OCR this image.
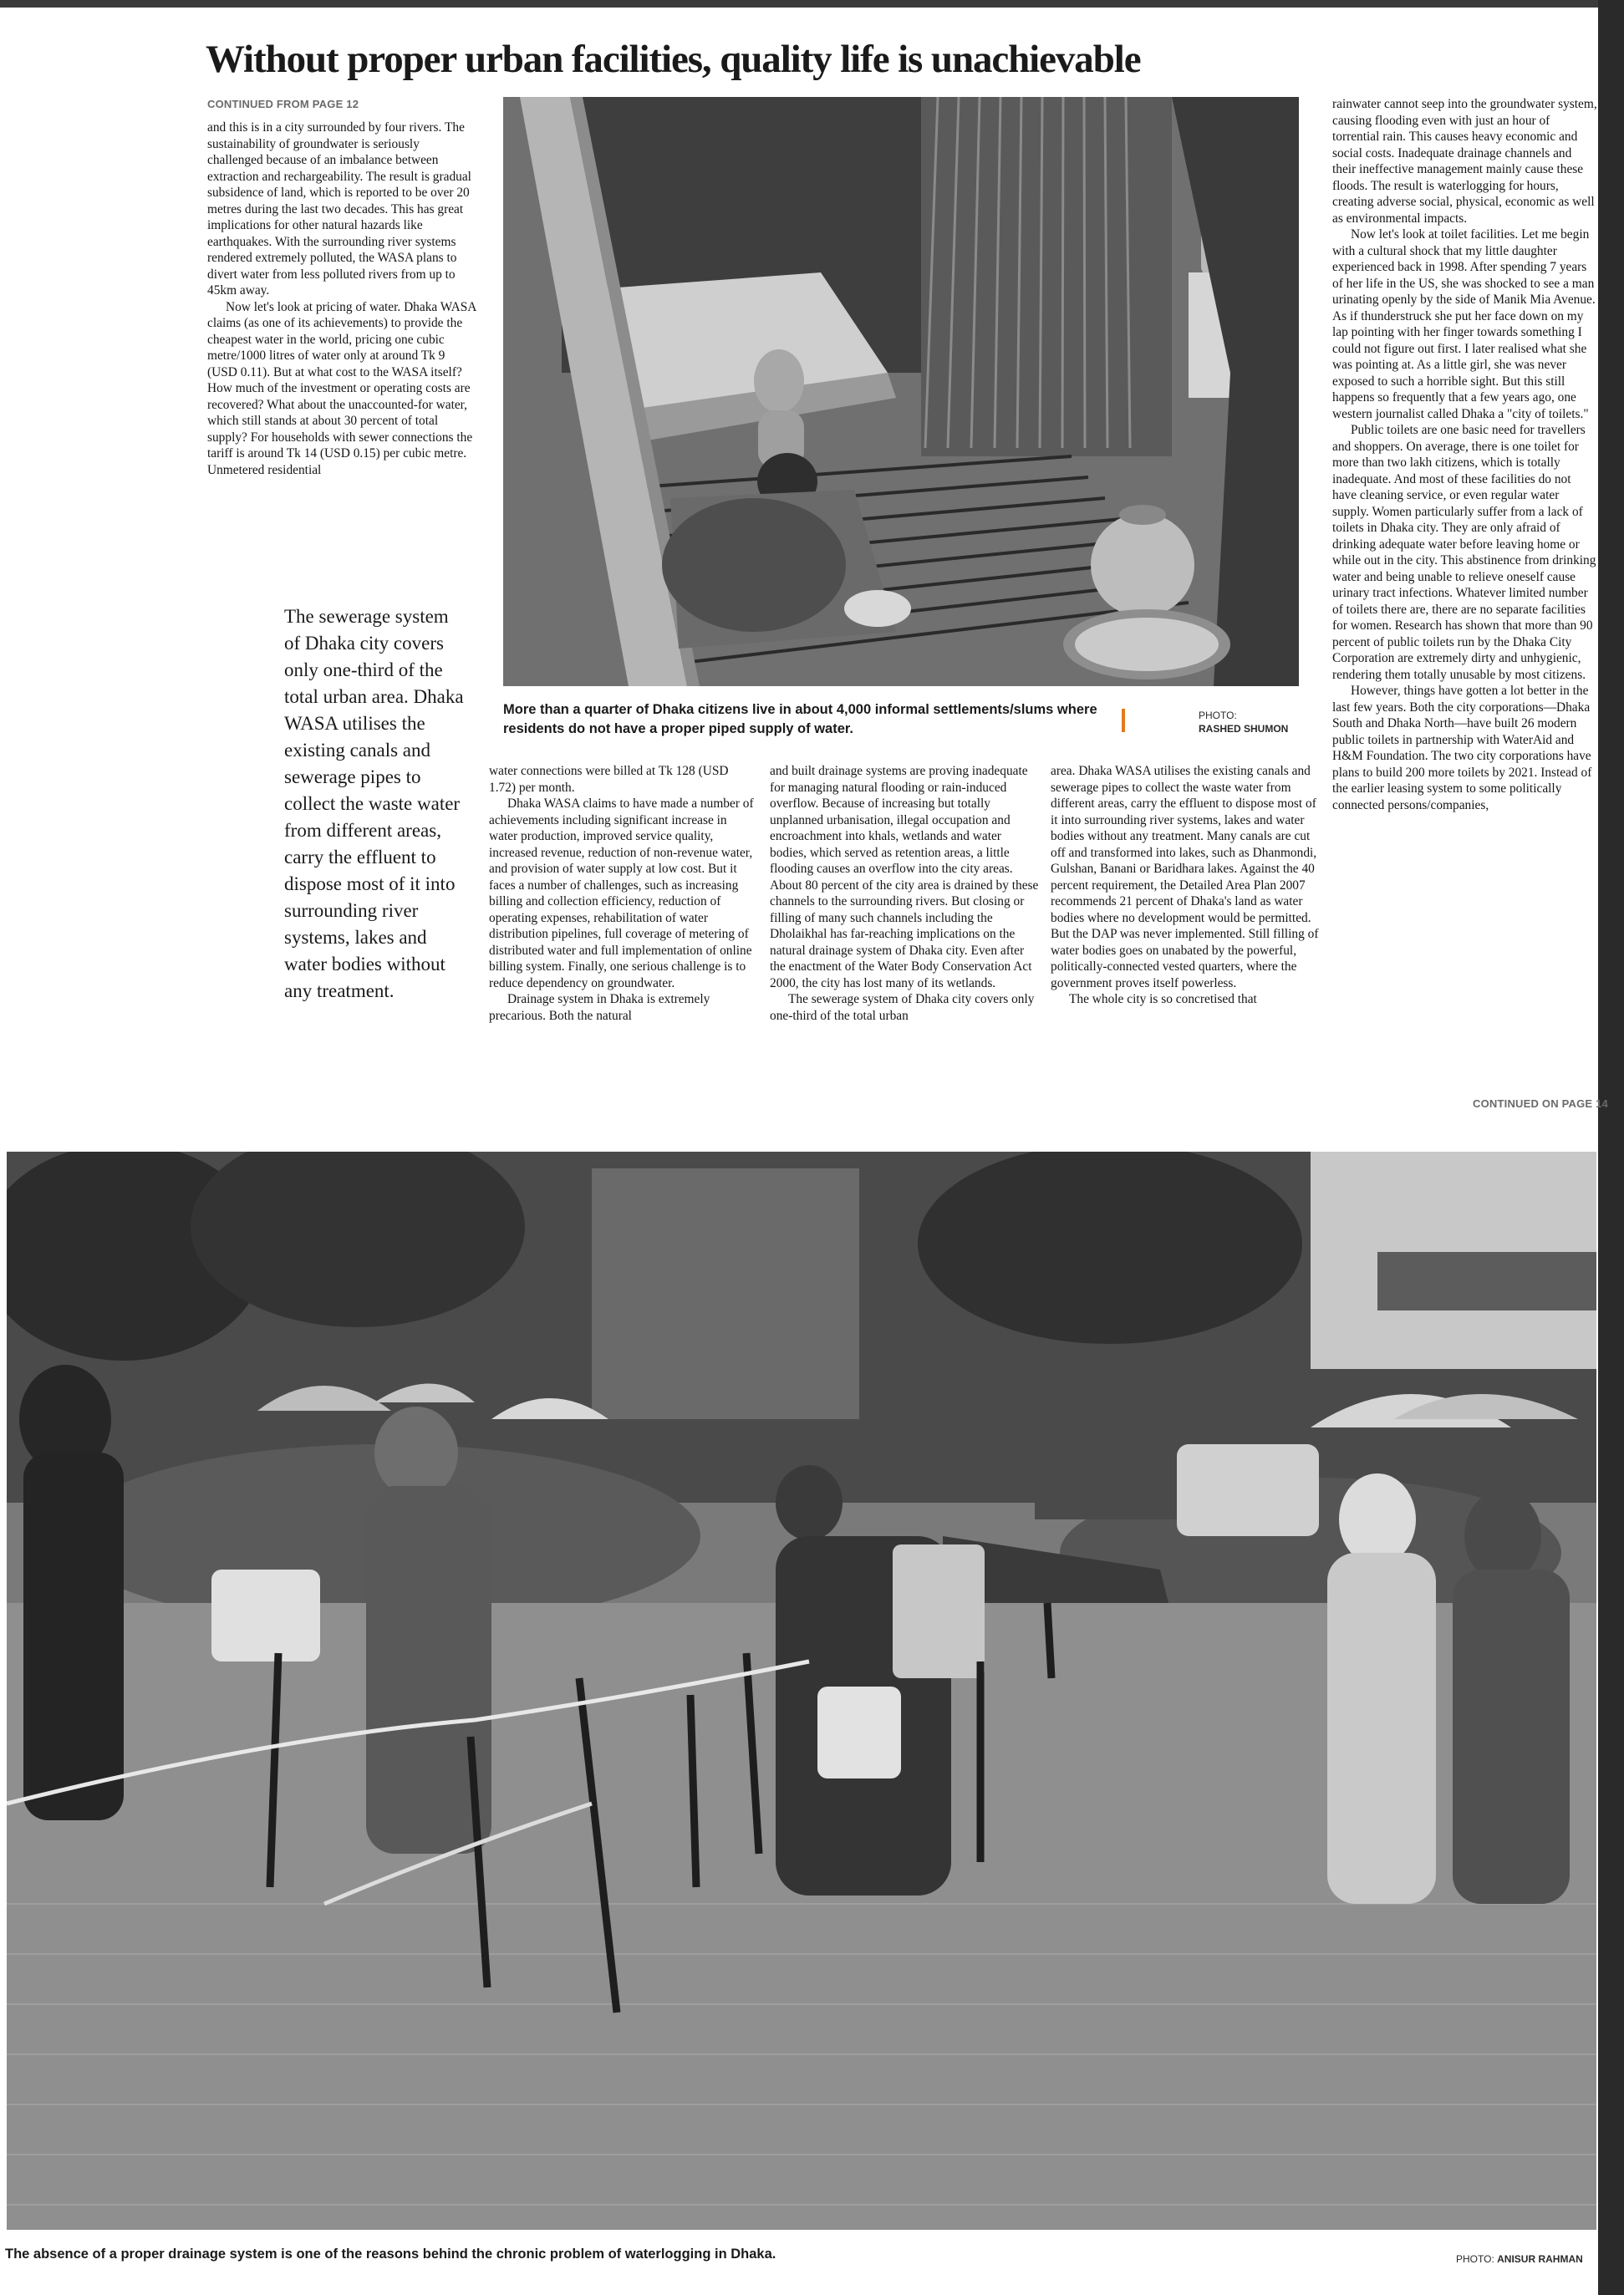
Without proper urban facilities, quality life is unachievable
CONTINUED FROM PAGE 12

and this is in a city surrounded by four rivers. The sustainability of groundwater is seriously challenged because of an imbalance between extraction and rechargeability. The result is gradual subsidence of land, which is reported to be over 20 metres during the last two decades. This has great implications for other natural hazards like earthquakes. With the surrounding river systems rendered extremely polluted, the WASA plans to divert water from less polluted rivers from up to 45km away.

Now let's look at pricing of water. Dhaka WASA claims (as one of its achievements) to provide the cheapest water in the world, pricing one cubic metre/1000 litres of water only at around Tk 9 (USD 0.11). But at what cost to the WASA itself? How much of the investment or operating costs are recovered? What about the unaccounted-for water, which still stands at about 30 percent of total supply? For households with sewer connections the tariff is around Tk 14 (USD 0.15) per cubic metre. Unmetered residential

The sewerage system of Dhaka city covers only one-third of the total urban area. Dhaka WASA utilises the existing canals and sewerage pipes to collect the waste water from different areas, carry the effluent to dispose most of it into surrounding river systems, lakes and water bodies without any treatment.

More than a quarter of Dhaka citizens live in about 4,000 informal settlements/slums where residents do not have a proper piped supply of water.

PHOTO:
RASHED SHUMON

water connections were billed at Tk 128 (USD 1.72) per month.

Dhaka WASA claims to have made a number of achievements including significant increase in water production, improved service quality, increased revenue, reduction of non-revenue water, and provision of water supply at low cost. But it faces a number of challenges, such as increasing billing and collection efficiency, reduction of operating expenses, rehabilitation of water distribution pipelines, full coverage of metering of distributed water and full implementation of online billing system. Finally, one serious challenge is to reduce dependency on groundwater.

Drainage system in Dhaka is extremely precarious. Both the natural

and built drainage systems are proving inadequate for managing natural flooding or rain-induced overflow. Because of increasing but totally unplanned urbanisation, illegal occupation and encroachment into khals, wetlands and water bodies, which served as retention areas, a little flooding causes an overflow into the city areas. About 80 percent of the city area is drained by these channels to the surrounding rivers. But closing or filling of many such channels including the Dholaikhal has far-reaching implications on the natural drainage system of Dhaka city. Even after the enactment of the Water Body Conservation Act 2000, the city has lost many of its wetlands.

The sewerage system of Dhaka city covers only one-third of the total urban

area. Dhaka WASA utilises the existing canals and sewerage pipes to collect the waste water from different areas, carry the effluent to dispose most of it into surrounding river systems, lakes and water bodies without any treatment. Many canals are cut off and transformed into lakes, such as Dhanmondi, Gulshan, Banani or Baridhara lakes. Against the 40 percent requirement, the Detailed Area Plan 2007 recommends 21 percent of Dhaka's land as water bodies where no development would be permitted. But the DAP was never implemented. Still filling of water bodies goes on unabated by the powerful, politically-connected vested quarters, where the government proves itself powerless.

The whole city is so concretised that

rainwater cannot seep into the groundwater system, causing flooding even with just an hour of torrential rain. This causes heavy economic and social costs. Inadequate drainage channels and their ineffective management mainly cause these floods. The result is waterlogging for hours, creating adverse social, physical, economic as well as environmental impacts.

Now let's look at toilet facilities. Let me begin with a cultural shock that my little daughter experienced back in 1998. After spending 7 years of her life in the US, she was shocked to see a man urinating openly by the side of Manik Mia Avenue. As if thunderstruck she put her face down on my lap pointing with her finger towards something I could not figure out first. I later realised what she was pointing at. As a little girl, she was never exposed to such a horrible sight. But this still happens so frequently that a few years ago, one western journalist called Dhaka a "city of toilets."

Public toilets are one basic need for travellers and shoppers. On average, there is one toilet for more than two lakh citizens, which is totally inadequate. And most of these facilities do not have cleaning service, or even regular water supply. Women particularly suffer from a lack of toilets in Dhaka city. They are only afraid of drinking adequate water before leaving home or while out in the city. This abstinence from drinking water and being unable to relieve oneself cause urinary tract infections. Whatever limited number of toilets there are, there are no separate facilities for women. Research has shown that more than 90 percent of public toilets run by the Dhaka City Corporation are extremely dirty and unhygienic, rendering them totally unusable by most citizens.

However, things have gotten a lot better in the last few years. Both the city corporations—Dhaka South and Dhaka North—have built 26 modern public toilets in partnership with WaterAid and H&M Foundation. The two city corporations have plans to build 200 more toilets by 2021. Instead of the earlier leasing system to some politically connected persons/companies,

CONTINUED ON PAGE 14

The absence of a proper drainage system is one of the reasons behind the chronic problem of waterlogging in Dhaka.	PHOTO: ANISUR RAHMAN
